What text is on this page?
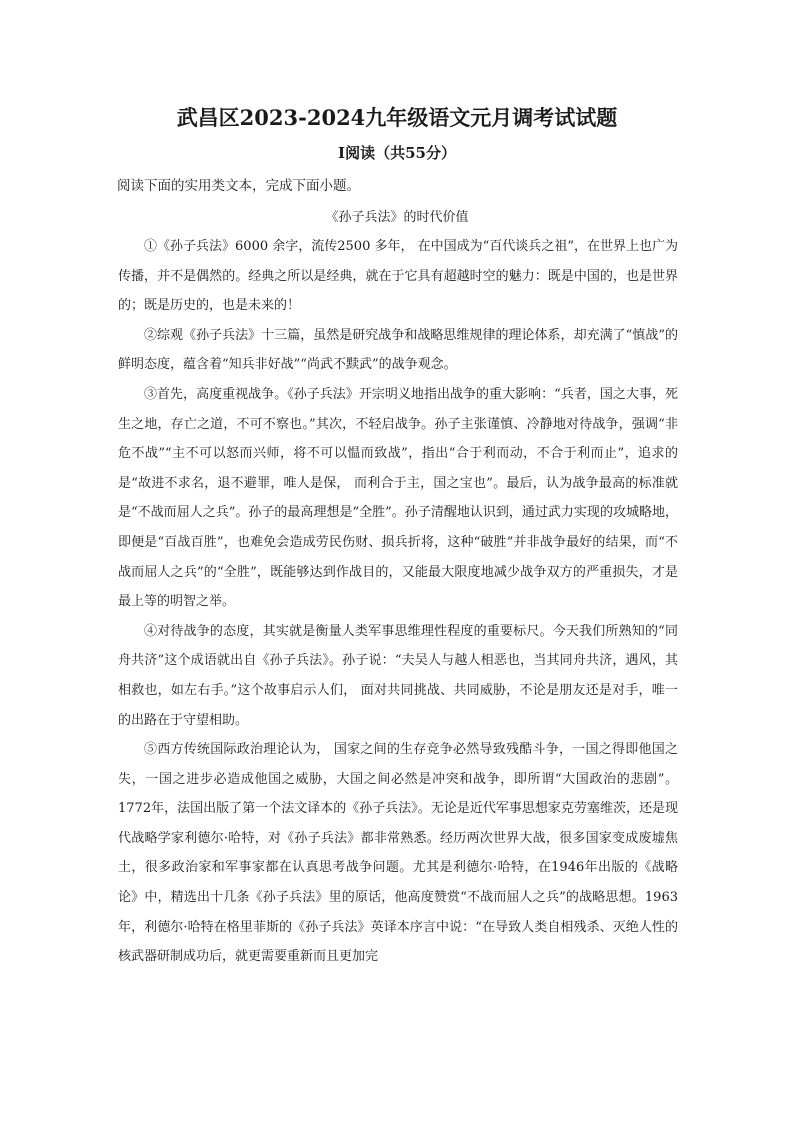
武昌区2023-2024九年级语文元月调考试试题
I阅读（共55分）
阅读下面的实用类文本，完成下面小题。
《孙子兵法》的时代价值

①《孙子兵法》6000 余字，流传2500 多年， 在中国成为“百代谈兵之祖”，在世界上也广为传播，并不是偶然的。经典之所以是经典，就在于它具有超越时空的魅力：既是中国的，也是世界的；既是历史的，也是未来的！

②综观《孙子兵法》十三篇，虽然是研究战争和战略思维规律的理论体系，却充满了“慎战”的鲜明态度，蕴含着“知兵非好战”“尚武不黩武”的战争观念。

③首先，高度重视战争。《孙子兵法》开宗明义地指出战争的重大影响：“兵者，国之大事，死生之地，存亡之道，不可不察也。”其次，不轻启战争。孙子主张谨慎、冷静地对待战争，强调“非危不战”“主不可以怒而兴师，将不可以愠而致战”，指出“合于利而动，不合于利而止”，追求的是“故进不求名，退不避罪，唯人是保， 而利合于主，国之宝也”。最后，认为战争最高的标准就是“不战而屈人之兵”。孙子的最高理想是“全胜”。孙子清醒地认识到，通过武力实现的攻城略地，即便是“百战百胜”，也难免会造成劳民伤财、损兵折将，这种“破胜”并非战争最好的结果，而“不战而屈人之兵”的“全胜”，既能够达到作战目的，又能最大限度地减少战争双方的严重损失，才是最上等的明智之举。

④对待战争的态度，其实就是衡量人类军事思维理性程度的重要标尺。今天我们所熟知的“同舟共济”这个成语就出自《孙子兵法》。孙子说：“夫吴人与越人相恶也，当其同舟共济，遇风，其相救也，如左右手。”这个故事启示人们， 面对共同挑战、共同威胁，不论是朋友还是对手，唯一的出路在于守望相助。

⑤西方传统国际政治理论认为， 国家之间的生存竞争必然导致残酷斗争，一国之得即他国之失，一国之进步必造成他国之威胁，大国之间必然是冲突和战争，即所谓“大国政治的悲剧”。1772年，法国出版了第一个法文译本的《孙子兵法》。无论是近代军事思想家克劳塞维茨，还是现代战略学家利德尔·哈特，对《孙子兵法》都非常熟悉。经历两次世界大战，很多国家变成废墟焦土，很多政治家和军事家都在认真思考战争问题。尤其是利德尔·哈特，在1946年出版的《战略论》中，精选出十几条《孙子兵法》里的原话，他高度赞赏“不战而屈人之兵”的战略思想。1963年，利德尔·哈特在格里菲斯的《孙子兵法》英译本序言中说：“在导致人类自相残杀、灭绝人性的核武器研制成功后，就更需要重新而且更加完
